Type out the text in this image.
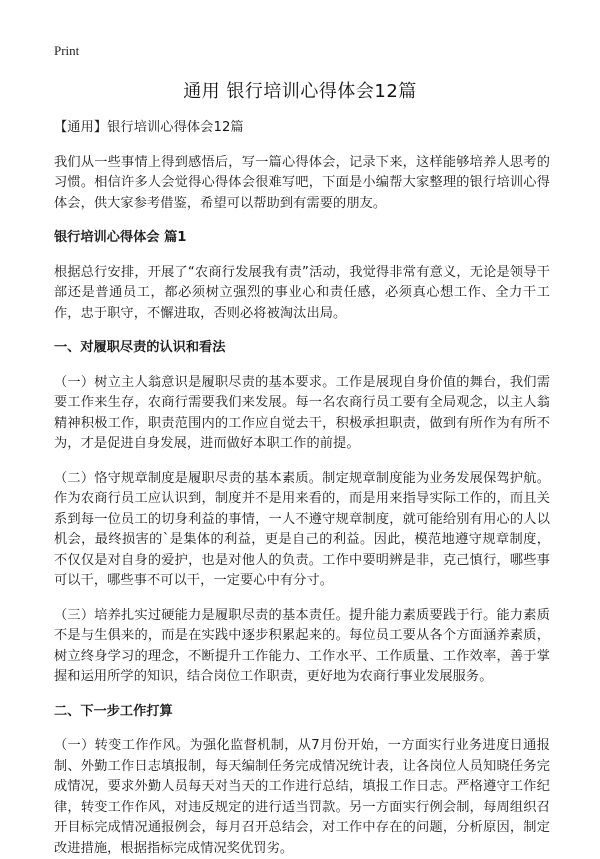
Print
通用 银行培训心得体会12篇

【通用】银行培训心得体会12篇

我们从一些事情上得到感悟后，写一篇心得体会，记录下来，这样能够培养人思考的习惯。相信许多人会觉得心得体会很难写吧，下面是小编帮大家整理的银行培训心得体会，供大家参考借鉴，希望可以帮助到有需要的朋友。

银行培训心得体会 篇1

根据总行安排，开展了“农商行发展我有责”活动，我觉得非常有意义，无论是领导干部还是普通员工，都必须树立强烈的事业心和责任感，必须真心想工作、全力干工作，忠于职守，不懈进取，否则必将被淘汰出局。

一、对履职尽责的认识和看法

（一）树立主人翁意识是履职尽责的基本要求。工作是展现自身价值的舞台，我们需要工作来生存，农商行需要我们来发展。每一名农商行员工要有全局观念，以主人翁精神积极工作，职责范围内的工作应自觉去干，积极承担职责，做到有所作为有所不为，才是促进自身发展，进而做好本职工作的前提。

（二）恪守规章制度是履职尽责的基本素质。制定规章制度能为业务发展保驾护航。作为农商行员工应认识到，制度并不是用来看的，而是用来指导实际工作的，而且关系到每一位员工的切身利益的事情，一人不遵守规章制度，就可能给别有用心的人以机会，最终损害的`是集体的利益，更是自己的利益。因此，模范地遵守规章制度，不仅仅是对自身的爱护，也是对他人的负责。工作中要明辨是非，克己慎行，哪些事可以干，哪些事不可以干，一定要心中有分寸。

（三）培养扎实过硬能力是履职尽责的基本责任。提升能力素质要践于行。能力素质不是与生俱来的，而是在实践中逐步积累起来的。每位员工要从各个方面涵养素质，树立终身学习的理念，不断提升工作能力、工作水平、工作质量、工作效率，善于掌握和运用所学的知识，结合岗位工作职责，更好地为农商行事业发展服务。

二、下一步工作打算

（一）转变工作作风。为强化监督机制，从7月份开始，一方面实行业务进度日通报制、外勤工作日志填报制，每天编制任务完成情况统计表，让各岗位人员知晓任务完成情况，要求外勤人员每天对当天的工作进行总结，填报工作日志。严格遵守工作纪律，转变工作作风，对违反规定的进行适当罚款。另一方面实行例会制，每周组织召开目标完成情况通报例会，每月召开总结会，对工作中存在的问题，分析原因，制定改进措施，根据指标完成情况奖优罚劣。
